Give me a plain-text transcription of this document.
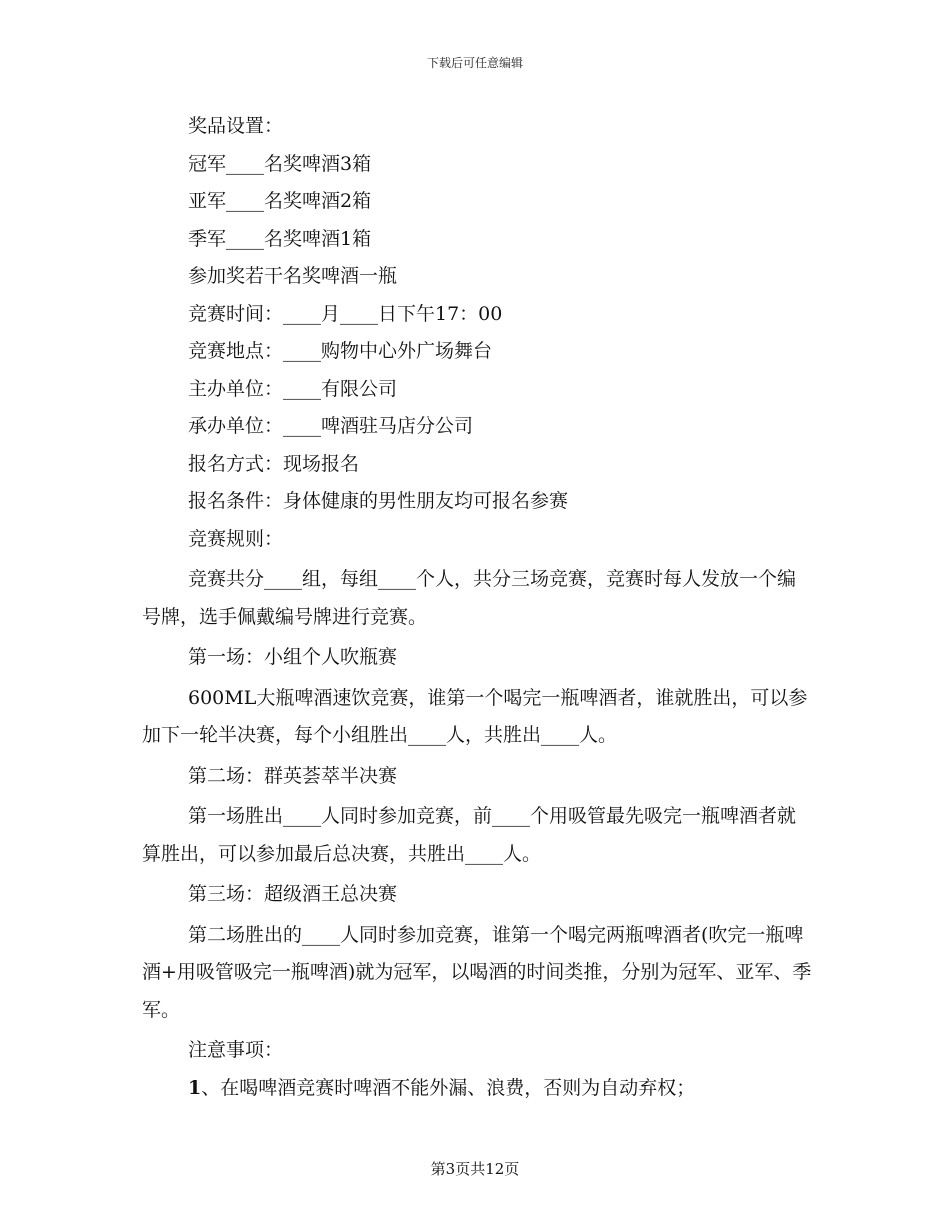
下载后可任意编辑
奖品设置：
冠军____名奖啤酒3箱
亚军____名奖啤酒2箱
季军____名奖啤酒1箱
参加奖若干名奖啤酒一瓶
竞赛时间：____月____日下午17：00
竞赛地点：____购物中心外广场舞台
主办单位：____有限公司
承办单位：____啤酒驻马店分公司
报名方式：现场报名
报名条件：身体健康的男性朋友均可报名参赛
竞赛规则：
竞赛共分____组，每组____个人，共分三场竞赛，竞赛时每人发放一个编号牌，选手佩戴编号牌进行竞赛。
第一场：小组个人吹瓶赛
600ML大瓶啤酒速饮竞赛，谁第一个喝完一瓶啤酒者，谁就胜出，可以参加下一轮半决赛，每个小组胜出____人，共胜出____人。
第二场：群英荟萃半决赛
第一场胜出____人同时参加竞赛，前____个用吸管最先吸完一瓶啤酒者就算胜出，可以参加最后总决赛，共胜出____人。
第三场：超级酒王总决赛
第二场胜出的____人同时参加竞赛，谁第一个喝完两瓶啤酒者(吹完一瓶啤酒+用吸管吸完一瓶啤酒)就为冠军，以喝酒的时间类推，分别为冠军、亚军、季军。
注意事项：
1、在喝啤酒竞赛时啤酒不能外漏、浪费，否则为自动弃权；
第3页共12页
